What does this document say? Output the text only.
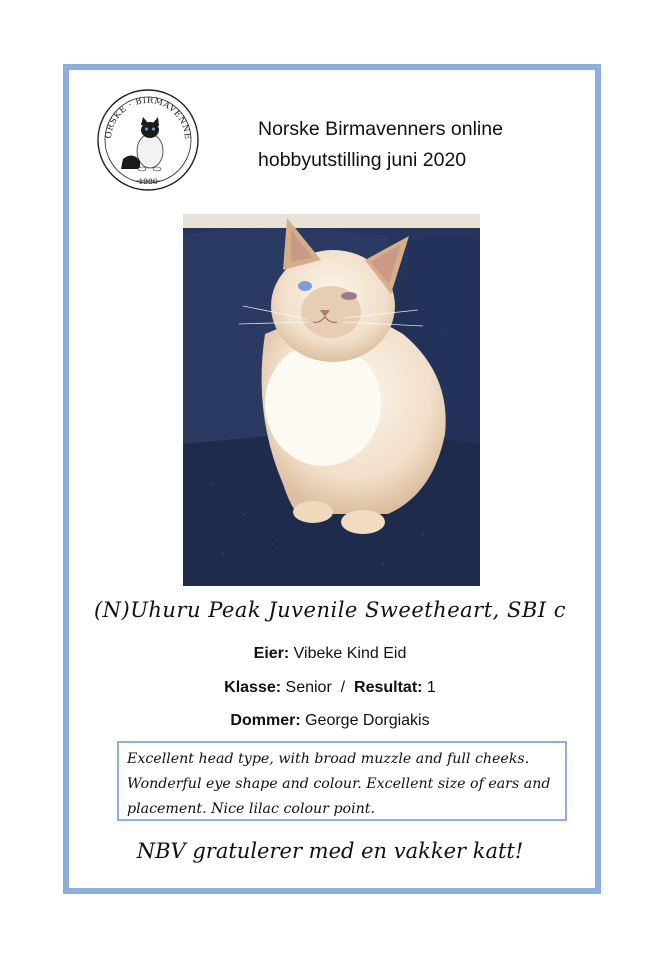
ORSKE · BIRMAVENNE
1986
Norske Birmavenners online
hobbyutstilling juni 2020
(N)Uhuru Peak Juvenile Sweetheart, SBI c
Eier: Vibeke Kind Eid
Klasse: Senior / Resultat: 1
Dommer: George Dorgiakis
Excellent head type, with broad muzzle and full cheeks. Wonderful eye shape and colour. Excellent size of ears and placement. Nice lilac colour point.
NBV gratulerer med en vakker katt!
